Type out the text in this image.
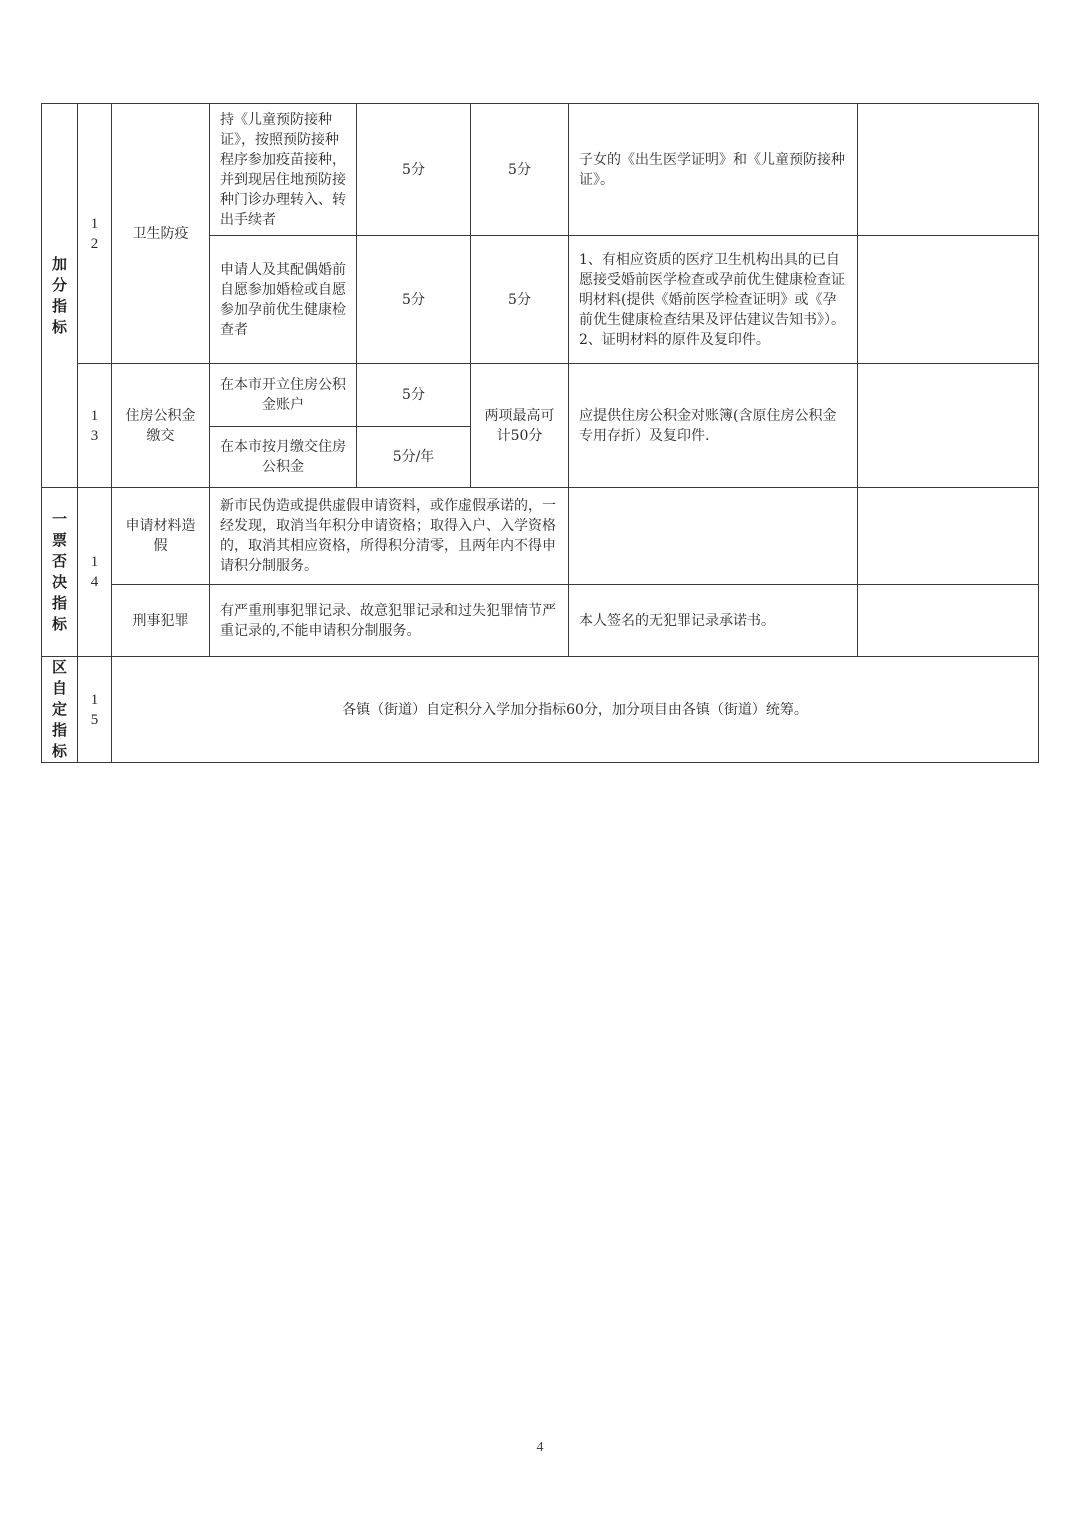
加分指标	12	卫生防疫	持《儿童预防接种证》，按照预防接种程序参加疫苗接种，并到现居住地预防接种门诊办理转入、转出手续者	5分	5分	子女的《出生医学证明》和《儿童预防接种证》。	
			申请人及其配偶婚前自愿参加婚检或自愿参加孕前优生健康检查者	5分	5分	1、有相应资质的医疗卫生机构出具的已自愿接受婚前医学检查或孕前优生健康检查证明材料(提供《婚前医学检查证明》或《孕前优生健康检查结果及评估建议告知书》）。
2、证明材料的原件及复印件。	

	13	住房公积金缴交	在本市开立住房公积金账户	5分	两项最高可计50分	应提供住房公积金对账簿(含原住房公积金专用存折）及复印件.	
			在本市按月缴交住房公积金	5分/年			
一票否决指标	14	申请材料造假	新市民伪造或提供虚假申请资料，或作虚假承诺的，一经发现，取消当年积分申请资格；取得入户、入学资格的，取消其相应资格，所得积分清零，且两年内不得申请积分制服务。				
		刑事犯罪	有严重刑事犯罪记录、故意犯罪记录和过失犯罪情节严重记录的,不能申请积分制服务。			本人签名的无犯罪记录承诺书。	
区自定指标	15	各镇（街道）自定积分入学加分指标60分，加分项目由各镇（街道）统筹。					
4
